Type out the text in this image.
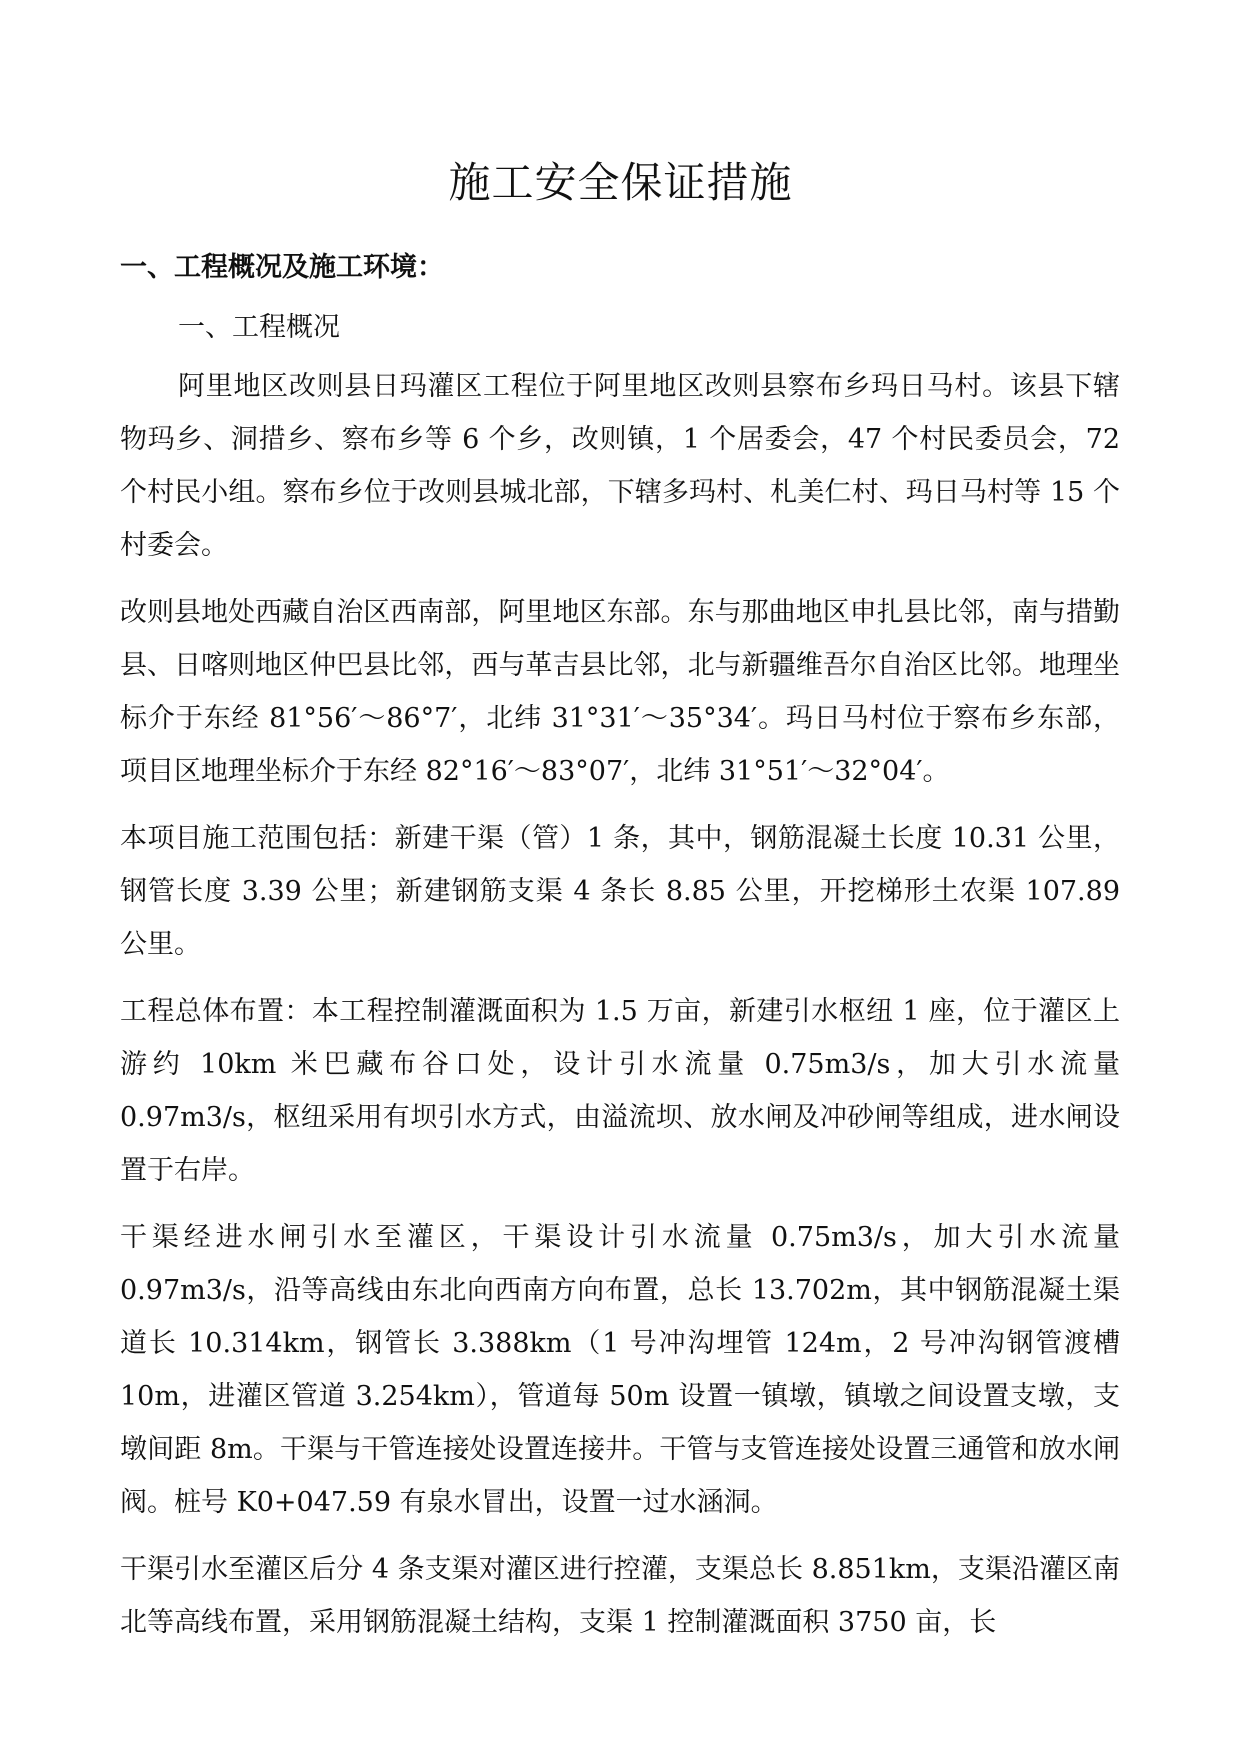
施工安全保证措施

一、工程概况及施工环境：

一、工程概况

阿里地区改则县日玛灌区工程位于阿里地区改则县察布乡玛日马村。该县下辖物玛乡、洞措乡、察布乡等 6 个乡，改则镇，1 个居委会，47 个村民委员会，72 个村民小组。察布乡位于改则县城北部，下辖多玛村、札美仁村、玛日马村等 15 个村委会。

改则县地处西藏自治区西南部，阿里地区东部。东与那曲地区申扎县比邻，南与措勤县、日喀则地区仲巴县比邻，西与革吉县比邻，北与新疆维吾尔自治区比邻。地理坐标介于东经 81°56′～86°7′，北纬 31°31′～35°34′。玛日马村位于察布乡东部，项目区地理坐标介于东经 82°16′～83°07′，北纬 31°51′～32°04′。

本项目施工范围包括：新建干渠（管）1 条，其中，钢筋混凝土长度 10.31 公里，钢管长度 3.39 公里；新建钢筋支渠 4 条长 8.85 公里，开挖梯形土农渠 107.89 公里。

工程总体布置：本工程控制灌溉面积为 1.5 万亩，新建引水枢纽 1 座，位于灌区上游约 10km 米巴藏布谷口处，设计引水流量 0.75m3/s，加大引水流量 0.97m3/s，枢纽采用有坝引水方式，由溢流坝、放水闸及冲砂闸等组成，进水闸设置于右岸。

干渠经进水闸引水至灌区，干渠设计引水流量 0.75m3/s，加大引水流量 0.97m3/s，沿等高线由东北向西南方向布置，总长 13.702m，其中钢筋混凝土渠道长 10.314km，钢管长 3.388km（1 号冲沟埋管 124m，2 号冲沟钢管渡槽 10m，进灌区管道 3.254km），管道每 50m 设置一镇墩，镇墩之间设置支墩，支墩间距 8m。干渠与干管连接处设置连接井。干管与支管连接处设置三通管和放水闸阀。桩号 K0+047.59 有泉水冒出，设置一过水涵洞。

干渠引水至灌区后分 4 条支渠对灌区进行控灌，支渠总长 8.851km，支渠沿灌区南北等高线布置，采用钢筋混凝土结构，支渠 1 控制灌溉面积 3750 亩，长
